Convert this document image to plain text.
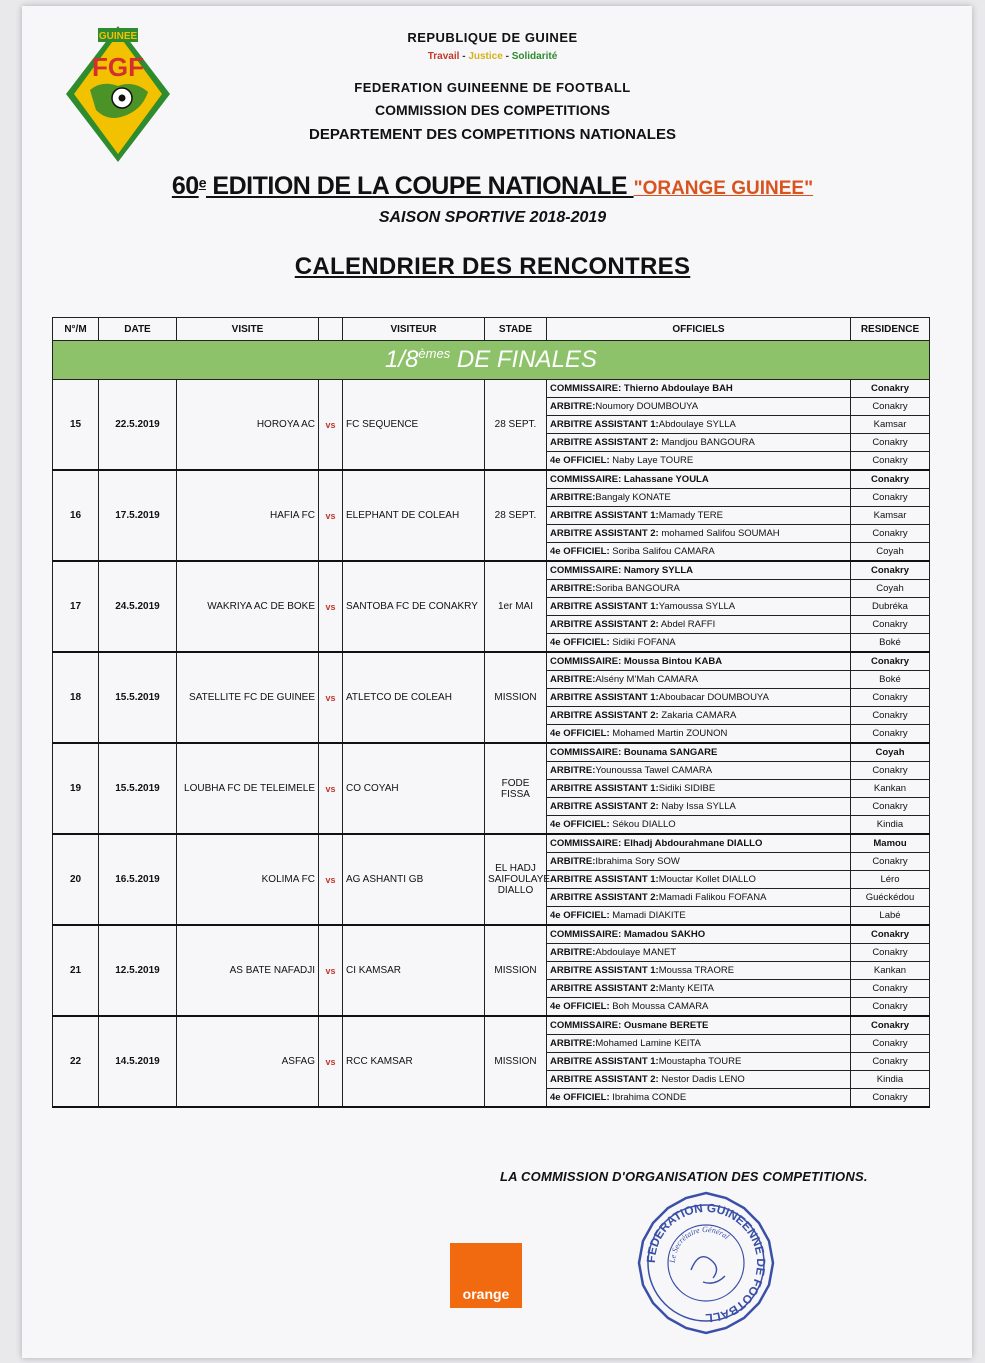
GUINEE
FGF
REPUBLIQUE DE GUINEE
Travail - Justice - Solidarité
FEDERATION GUINEENNE DE FOOTBALL
COMMISSION DES COMPETITIONS
DEPARTEMENT DES COMPETITIONS NATIONALES
60e EDITION DE LA COUPE NATIONALE "ORANGE GUINEE"
SAISON SPORTIVE 2018-2019
CALENDRIER DES RENCONTRES
N°/M	DATE	VISITE		VISITEUR	STADE	OFFICIELS	RESIDENCE
1/8èmes DE FINALES							
15	22.5.2019	HOROYA AC	vs	FC SEQUENCE	28 SEPT.	COMMISSAIRE: Thierno Abdoulaye BAH	Conakry
						ARBITRE:Noumory DOUMBOUYA	Conakry
						ARBITRE ASSISTANT 1:Abdoulaye SYLLA	Kamsar
						ARBITRE ASSISTANT 2: Mandjou BANGOURA	Conakry
						4e OFFICIEL: Naby Laye TOURE	Conakry
16	17.5.2019	HAFIA FC	vs	ELEPHANT DE COLEAH	28 SEPT.	COMMISSAIRE: Lahassane YOULA	Conakry
						ARBITRE:Bangaly KONATE	Conakry
						ARBITRE ASSISTANT 1:Mamady TERE	Kamsar
						ARBITRE ASSISTANT 2: mohamed Salifou SOUMAH	Conakry
						4e OFFICIEL: Soriba Salifou CAMARA	Coyah
17	24.5.2019	WAKRIYA AC DE BOKE	vs	SANTOBA FC DE CONAKRY	1er MAI	COMMISSAIRE: Namory SYLLA	Conakry
						ARBITRE:Soriba BANGOURA	Coyah
						ARBITRE ASSISTANT 1:Yamoussa SYLLA	Dubréka
						ARBITRE ASSISTANT 2: Abdel RAFFI	Conakry
						4e OFFICIEL: Sidiki FOFANA	Boké
18	15.5.2019	SATELLITE FC DE GUINEE	vs	ATLETCO DE COLEAH	MISSION	COMMISSAIRE: Moussa Bintou KABA	Conakry
						ARBITRE:Alsény M'Mah CAMARA	Boké
						ARBITRE ASSISTANT 1:Aboubacar DOUMBOUYA	Conakry
						ARBITRE ASSISTANT 2: Zakaria CAMARA	Conakry
						4e OFFICIEL: Mohamed Martin ZOUNON	Conakry
19	15.5.2019	LOUBHA FC DE TELEIMELE	vs	CO COYAH	FODE FISSA	COMMISSAIRE: Bounama SANGARE	Coyah
						ARBITRE:Younoussa Tawel CAMARA	Conakry
						ARBITRE ASSISTANT 1:Sidiki SIDIBE	Kankan
						ARBITRE ASSISTANT 2: Naby Issa SYLLA	Conakry
						4e OFFICIEL: Sékou DIALLO	Kindia
20	16.5.2019	KOLIMA FC	vs	AG ASHANTI GB	EL HADJ SAIFOULAYE DIALLO	COMMISSAIRE: Elhadj Abdourahmane DIALLO	Mamou
						ARBITRE:Ibrahima Sory SOW	Conakry
						ARBITRE ASSISTANT 1:Mouctar Kollet DIALLO	Léro
						ARBITRE ASSISTANT 2:Mamadi Falikou FOFANA	Guéckédou
						4e OFFICIEL: Mamadi DIAKITE	Labé
21	12.5.2019	AS BATE NAFADJI	vs	CI KAMSAR	MISSION	COMMISSAIRE: Mamadou SAKHO	Conakry
						ARBITRE:Abdoulaye MANET	Conakry
						ARBITRE ASSISTANT 1:Moussa TRAORE	Kankan
						ARBITRE ASSISTANT 2:Manty KEITA	Conakry
						4e OFFICIEL: Boh Moussa CAMARA	Conakry
22	14.5.2019	ASFAG	vs	RCC KAMSAR	MISSION	COMMISSAIRE: Ousmane BERETE	Conakry
						ARBITRE:Mohamed Lamine KEITA	Conakry
						ARBITRE ASSISTANT 1:Moustapha TOURE	Conakry
						ARBITRE ASSISTANT 2: Nestor Dadis LENO	Kindia
						4e OFFICIEL: Ibrahima CONDE	Conakry
LA COMMISSION D'ORGANISATION DES COMPETITIONS.
orange
FEDERATION GUINEENNE DE FOOTBALL
Le Secrétaire Général
